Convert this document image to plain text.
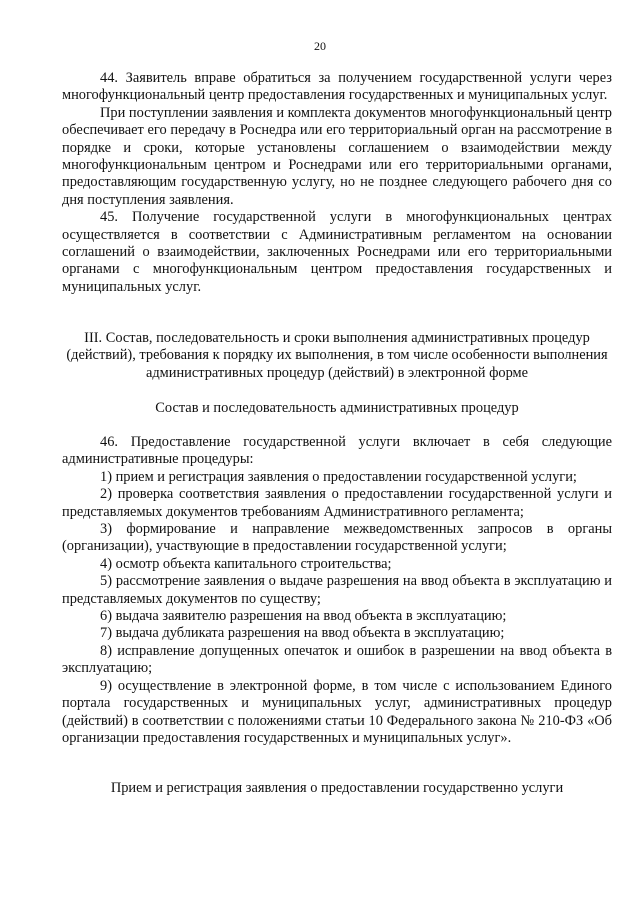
20

44. Заявитель вправе обратиться за получением государственной услуги через многофункциональный центр предоставления государственных и муниципальных услуг.

При поступлении заявления и комплекта документов многофункциональный центр обеспечивает его передачу в Роснедра или его территориальный орган на рассмотрение в порядке и сроки, которые установлены соглашением о взаимодействии между многофункциональным центром и Роснедрами или его территориальными органами, предоставляющим государственную услугу, но не позднее следующего рабочего дня со дня поступления заявления.

45. Получение государственной услуги в многофункциональных центрах осуществляется в соответствии с Административным регламентом на основании соглашений о взаимодействии, заключенных Роснедрами или его территориальными органами с многофункциональным центром предоставления государственных и муниципальных услуг.

III. Состав, последовательность и сроки выполнения административных процедур (действий), требования к порядку их выполнения, в том числе особенности выполнения административных процедур (действий) в электронной форме
Состав и последовательность административных процедур

46. Предоставление государственной услуги включает в себя следующие административные процедуры:

1) прием и регистрация заявления о предоставлении государственной услуги;

2) проверка соответствия заявления о предоставлении государственной услуги и представляемых документов требованиям Административного регламента;

3) формирование и направление межведомственных запросов в органы (организации), участвующие в предоставлении государственной услуги;

4) осмотр объекта капитального строительства;

5) рассмотрение заявления о выдаче разрешения на ввод объекта в эксплуатацию и представляемых документов по существу;

6) выдача заявителю разрешения на ввод объекта в эксплуатацию;

7) выдача дубликата разрешения на ввод объекта в эксплуатацию;

8) исправление допущенных опечаток и ошибок в разрешении на ввод объекта в эксплуатацию;

9) осуществление в электронной форме, в том числе с использованием Единого портала государственных и муниципальных услуг, административных процедур (действий) в соответствии с положениями статьи 10 Федерального закона № 210-ФЗ «Об организации предоставления государственных и муниципальных услуг».

Прием и регистрация заявления о предоставлении государственно услуги
